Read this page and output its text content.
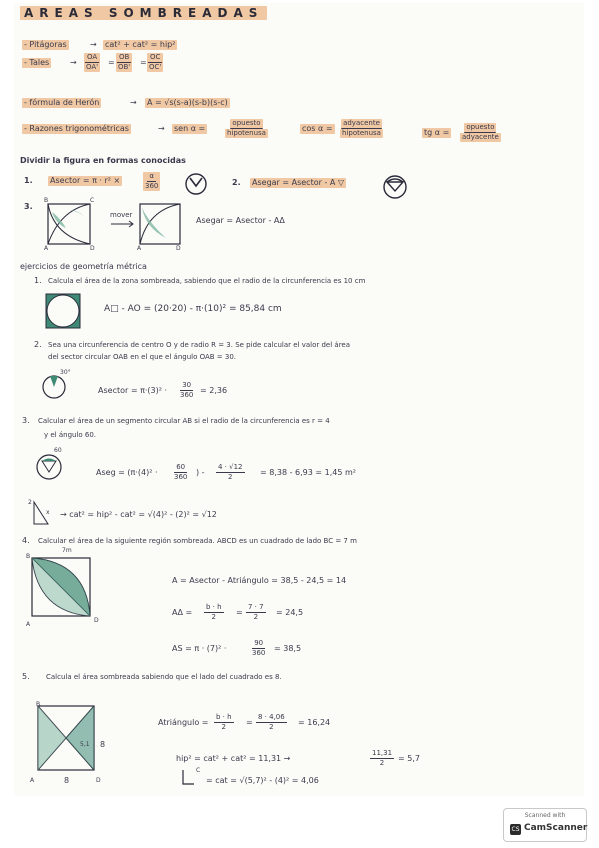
AREAS SOMBREADAS
- Pitágoras	→ cat² + cat² = hip²
- Tales	→ $\frac{OA}{OA'} = \frac{OB}{OB'} = \frac{OC}{OC'}$
- fórmula de Herón	→ A = √s(s-a)(s-b)(s-c)
- Razones trigonométricas	→ sen α =
opuesto
hipotenusa	cos α =
adyacente
hipotenusa	tg α =
opuesto
adyacente
Dividir la figura en formas conocidas
1. Asector = π · r² ×	$\frac{\alpha}{360}$	2. Asegar = Asector - A ▽
3.
B	C
A	D
mover
A	D
Asegar = Asector - AΔ
ejercicios de geometría métrica
1. Calcula el área de la zona sombreada, sabiendo que el radio de la circunferencia es 10 cm
A□ - AO = (20·20) - π·(10)² = 85,84 cm
2. Sea una circunferencia de centro O y de radio R = 3. Se pide calcular el valor del área
del sector circular OAB en el que el ángulo OAB = 30.
30°
Asector = $\pi\cdot(3)^2 \cdot \frac{30}{360} = 2,36$
3. Calcular el área de un segmento circular AB si el radio de la circunferencia es r = 4
y el ángulo 60.
60
Aseg = ($\pi\cdot(4)^2 \cdot \frac{60}{360}$ ) - $\frac{4 \cdot √12}{2} = 8,38 - 6,93 = 1,45$ m²
2
x → cat² = hip² - cat² = √(4)² - (2)² = √12
4. Calcular el área de la siguiente región sombreada. ABCD es un cuadrado de lado BC = 7 m
7m
B
A
D
A = Asector - Atriángulo = 38,5 - 24,5 = 14
$A\Delta = \frac{b \cdot h}{2} = \frac{7 \cdot 7}{2} = 24,5$
AS = π · (7)² ·	$\frac{90}{360} = 38,5$
5. Calcula el área sombreada sabiendo que el lado del cuadrado es 8.
B
A	D
8
8
5,1
Atriángulo = $\frac{b \cdot h}{2} = \frac{8 \cdot 4,06}{2} = 16,24$
hip² = cat² + cat² = 11,31 →	$\frac{11,31}{2} = 5,7$
C
= cat = √(5,7)² - (4)² = 4,06
Scanned with
CS CamScanner
